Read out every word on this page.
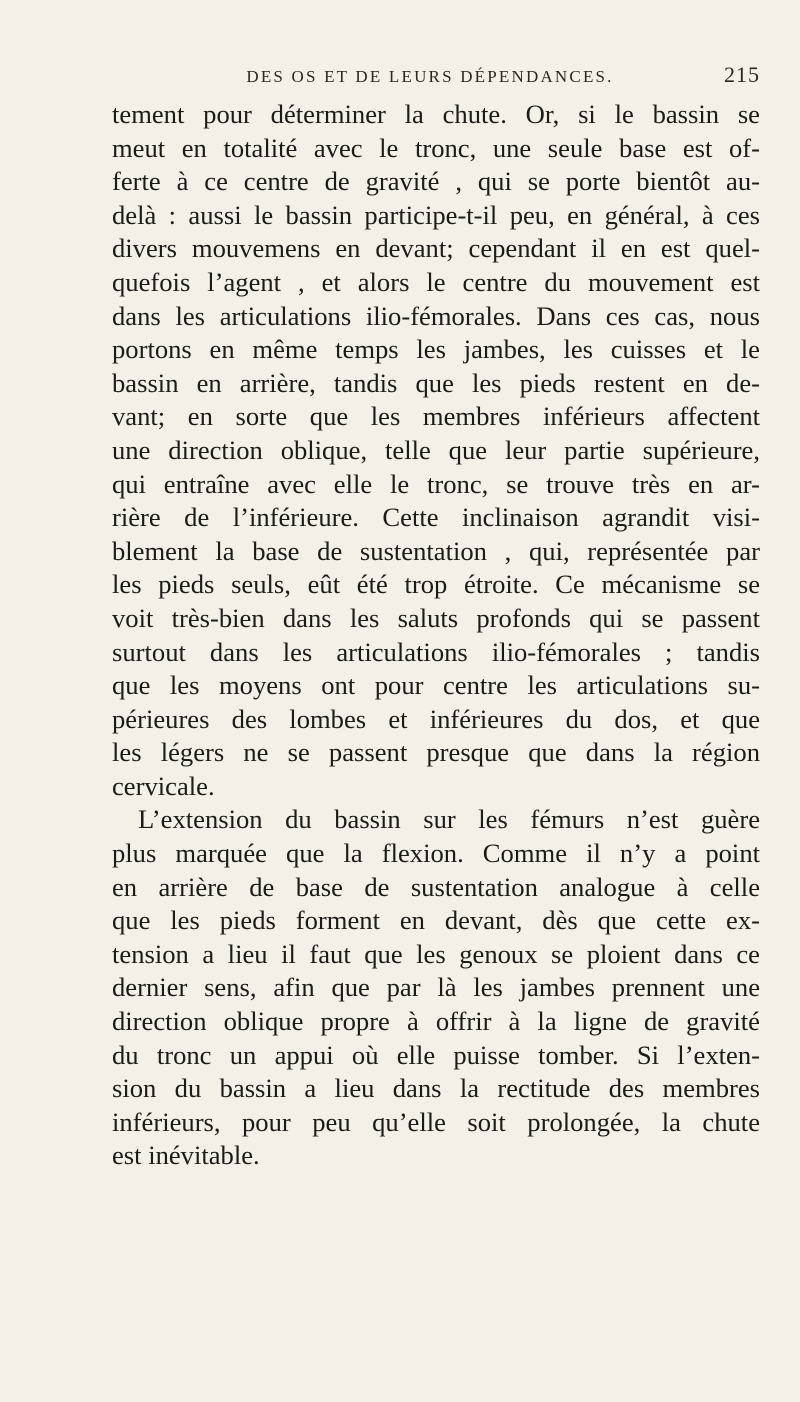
DES OS ET DE LEURS DÉPENDANCES.	215

tement pour déterminer la chute. Or, si le bassin se
meut en totalité avec le tronc, une seule base est of-
ferte à ce centre de gravité , qui se porte bientôt au-
delà : aussi le bassin participe-t-il peu, en général, à ces
divers mouvemens en devant; cependant il en est quel-
quefois l’agent , et alors le centre du mouvement est
dans les articulations ilio-fémorales. Dans ces cas, nous
portons en même temps les jambes, les cuisses et le
bassin en arrière, tandis que les pieds restent en de-
vant; en sorte que les membres inférieurs affectent
une direction oblique, telle que leur partie supérieure,
qui entraîne avec elle le tronc, se trouve très en ar-
rière de l’inférieure. Cette inclinaison agrandit visi-
blement la base de sustentation , qui, représentée par
les pieds seuls, eût été trop étroite. Ce mécanisme se
voit très-bien dans les saluts profonds qui se passent
surtout dans les articulations ilio-fémorales ; tandis
que les moyens ont pour centre les articulations su-
périeures des lombes et inférieures du dos, et que
les légers ne se passent presque que dans la région
cervicale.

L’extension du bassin sur les fémurs n’est guère
plus marquée que la flexion. Comme il n’y a point
en arrière de base de sustentation analogue à celle
que les pieds forment en devant, dès que cette ex-
tension a lieu il faut que les genoux se ploient dans ce
dernier sens, afin que par là les jambes prennent une
direction oblique propre à offrir à la ligne de gravité
du tronc un appui où elle puisse tomber. Si l’exten-
sion du bassin a lieu dans la rectitude des membres
inférieurs, pour peu qu’elle soit prolongée, la chute
est inévitable.
